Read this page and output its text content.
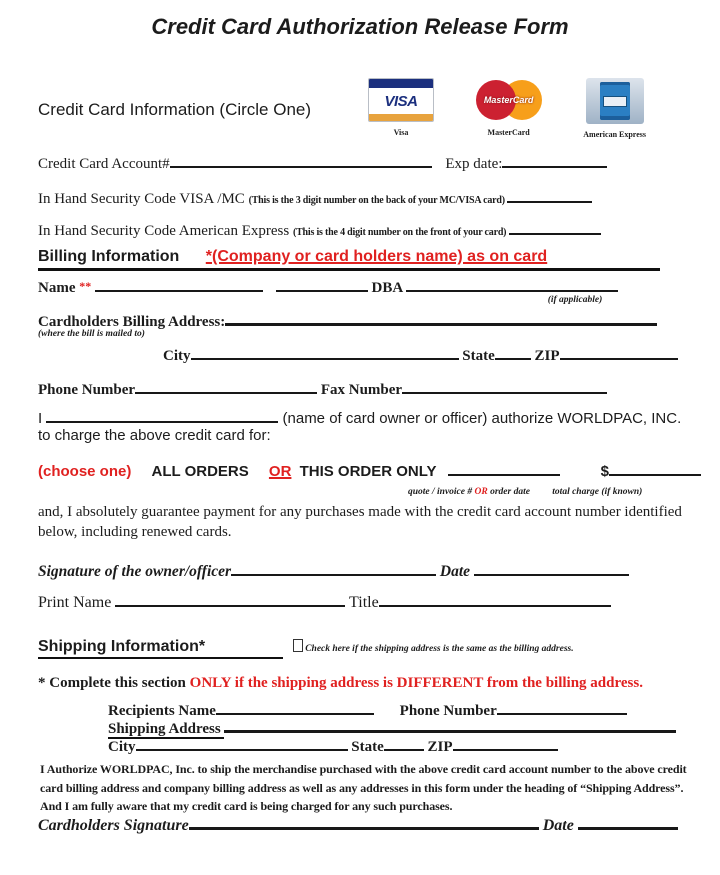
Credit Card Authorization Release Form
Credit Card Information (Circle One)	VISA
Visa
MasterCard
MasterCard	American Express
Credit Card Account#	Exp date:
In Hand Security Code VISA /MC (This is the 3 digit number on the back of your MC/VISA card)
In Hand Security Code American Express (This is the 4 digit number on the front of your card)
Billing Information *(Company or card holders name) as on card
Name **	DBA
(if applicable)
Cardholders Billing Address:
(where the bill is mailed to)
City	State ZIP
Phone Number	Fax Number
I	(name of card owner or officer) authorize WORLDPAC, INC.
to charge the above credit card for:
(choose one) ALL ORDERS OR THIS ORDER ONLY	$
quote / invoice # OR order date total charge (if known)
and, I absolutely guarantee payment for any purchases made with the credit card account number identified below, including renewed cards.
Signature of the owner/officer	Date
Print Name	Title
Shipping Information*	Check here if the shipping address is the same as the billing address.
* Complete this section ONLY if the shipping address is DIFFERENT from the billing address.
Recipients Name	Phone Number
Shipping Address
City	State	ZIP
I Authorize WORLDPAC, Inc. to ship the merchandise purchased with the above credit card account number to the above credit card billing address and company billing address as well as any addresses in this form under the heading of “Shipping Address”. And I am fully aware that my credit card is being charged for any such purchases.
Cardholders Signature	Date
